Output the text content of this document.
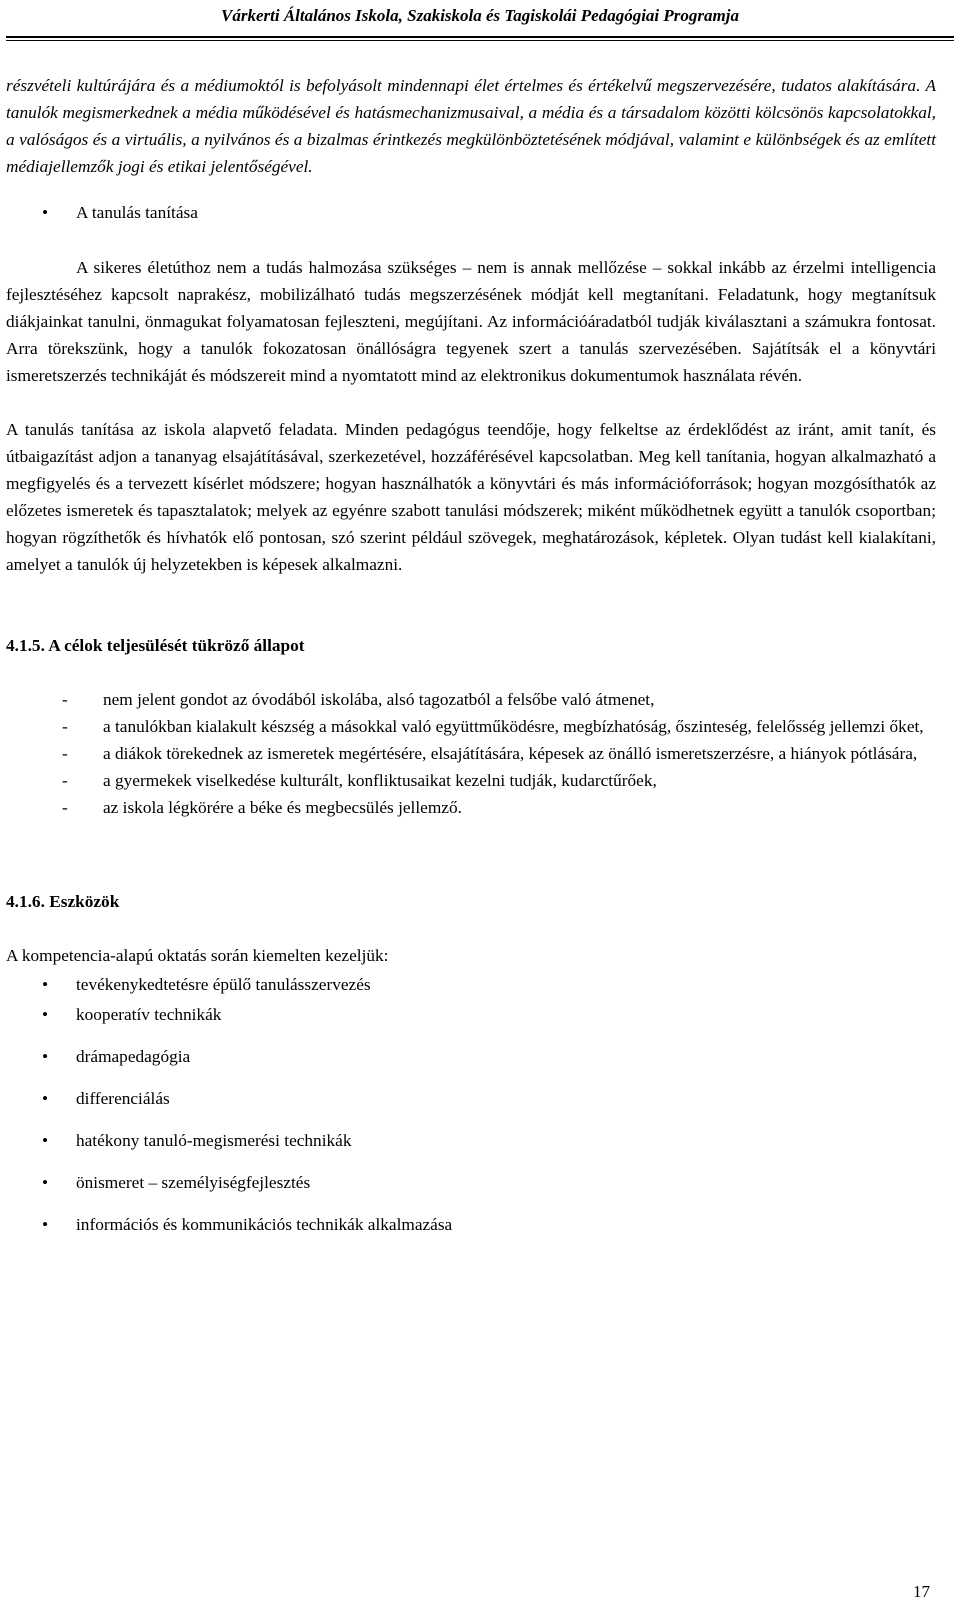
Várkerti Általános Iskola, Szakiskola és Tagiskolái Pedagógiai Programja

részvételi kultúrájára és a médiumoktól is befolyásolt mindennapi élet értelmes és értékelvű megszervezésére, tudatos alakítására. A tanulók megismerkednek a média működésével és hatásmechanizmusaival, a média és a társadalom közötti kölcsönös kapcsolatokkal, a valóságos és a virtuális, a nyilvános és a bizalmas érintkezés megkülönböztetésének módjával, valamint e különbségek és az említett médiajellemzők jogi és etikai jelentőségével.

• A tanulás tanítása

A sikeres életúthoz nem a tudás halmozása szükséges – nem is annak mellőzése – sokkal inkább az érzelmi intelligencia fejlesztéséhez kapcsolt naprakész, mobilizálható tudás megszerzésének módját kell megtanítani. Feladatunk, hogy megtanítsuk diákjainkat tanulni, önmagukat folyamatosan fejleszteni, megújítani. Az információáradatból tudják kiválasztani a számukra fontosat. Arra törekszünk, hogy a tanulók fokozatosan önállóságra tegyenek szert a tanulás szervezésében. Sajátítsák el a könyvtári ismeretszerzés technikáját és módszereit mind a nyomtatott mind az elektronikus dokumentumok használata révén.

A tanulás tanítása az iskola alapvető feladata. Minden pedagógus teendője, hogy felkeltse az érdeklődést az iránt, amit tanít, és útbaigazítást adjon a tananyag elsajátításával, szerkezetével, hozzáférésével kapcsolatban. Meg kell tanítania, hogyan alkalmazható a megfigyelés és a tervezett kísérlet módszere; hogyan használhatók a könyvtári és más információforrások; hogyan mozgósíthatók az előzetes ismeretek és tapasztalatok; melyek az egyénre szabott tanulási módszerek; miként működhetnek együtt a tanulók csoportban; hogyan rögzíthetők és hívhatók elő pontosan, szó szerint például szövegek, meghatározások, képletek. Olyan tudást kell kialakítani, amelyet a tanulók új helyzetekben is képesek alkalmazni.

4.1.5. A célok teljesülését tükröző állapot

- nem jelent gondot az óvodából iskolába, alsó tagozatból a felsőbe való átmenet,
- a tanulókban kialakult készség a másokkal való együttműködésre, megbízhatóság, őszinteség, felelősség jellemzi őket,
- a diákok törekednek az ismeretek megértésére, elsajátítására, képesek az önálló ismeretszerzésre, a hiányok pótlására,
- a gyermekek viselkedése kulturált, konfliktusaikat kezelni tudják, kudarctűrőek,
- az iskola légkörére a béke és megbecsülés jellemző.

4.1.6. Eszközök

A kompetencia-alapú oktatás során kiemelten kezeljük:

• tevékenykedtetésre épülő tanulásszervezés
• kooperatív technikák
• drámapedagógia
• differenciálás
• hatékony tanuló-megismerési technikák
• önismeret – személyiségfejlesztés
• információs és kommunikációs technikák alkalmazása
17
